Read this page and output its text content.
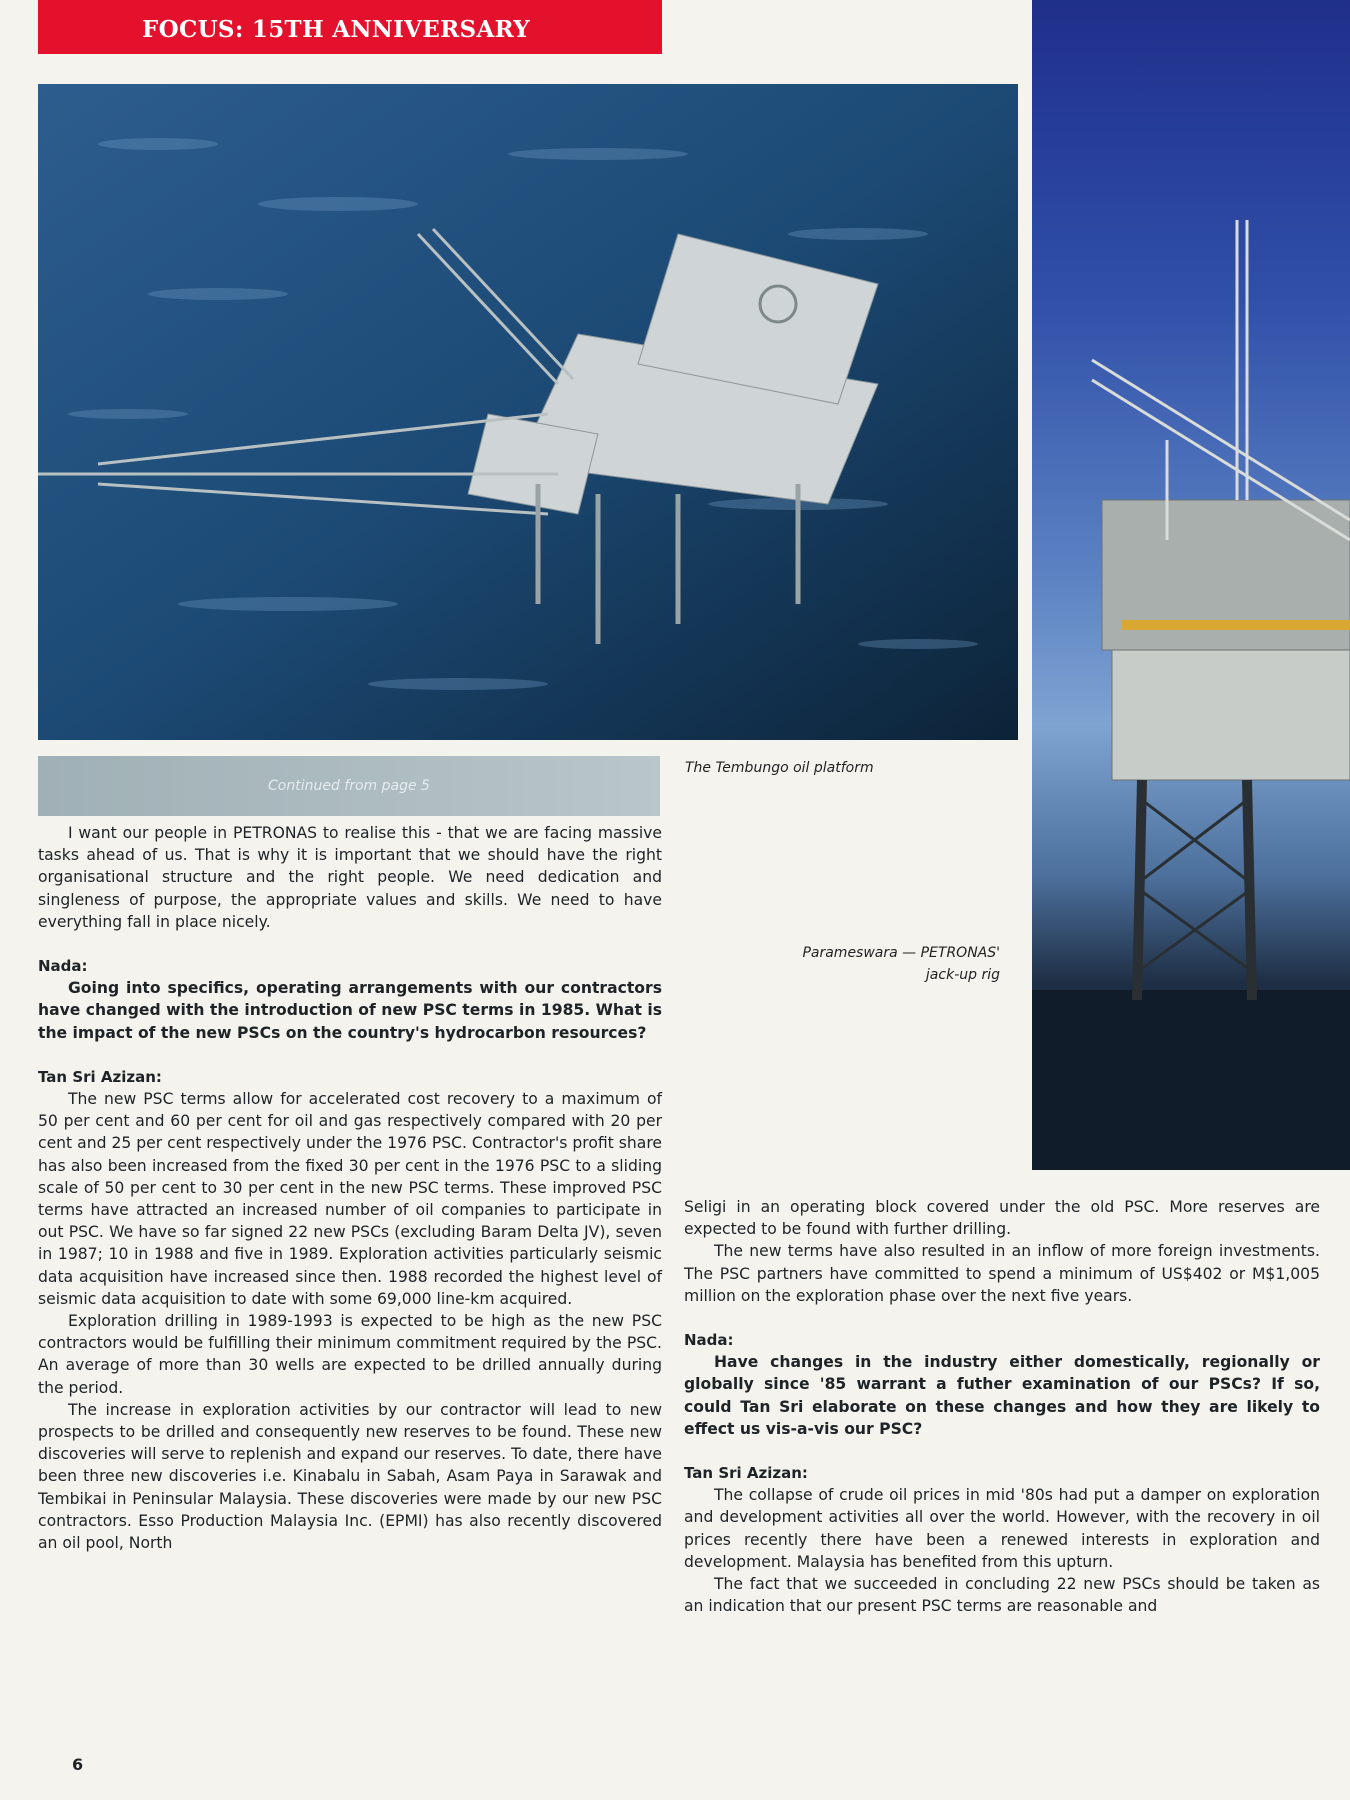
FOCUS: 15TH ANNIVERSARY
The Tembungo oil platform
Parameswara — PETRONAS'
jack-up rig
Continued from page 5

I want our people in PETRONAS to realise this - that we are facing massive tasks ahead of us. That is why it is important that we should have the right organisational structure and the right people. We need dedication and singleness of purpose, the appropriate values and skills. We need to have everything fall in place nicely.

Nada:

Going into specifics, operating arrangements with our contractors have changed with the introduction of new PSC terms in 1985. What is the impact of the new PSCs on the country's hydrocarbon resources?

Tan Sri Azizan:

The new PSC terms allow for accelerated cost recovery to a maximum of 50 per cent and 60 per cent for oil and gas respectively compared with 20 per cent and 25 per cent respectively under the 1976 PSC. Contractor's profit share has also been increased from the fixed 30 per cent in the 1976 PSC to a sliding scale of 50 per cent to 30 per cent in the new PSC terms. These improved PSC terms have attracted an increased number of oil companies to participate in out PSC. We have so far signed 22 new PSCs (excluding Baram Delta JV), seven in 1987; 10 in 1988 and five in 1989. Exploration activities particularly seismic data acquisition have increased since then. 1988 recorded the highest level of seismic data acquisition to date with some 69,000 line-km acquired.

Exploration drilling in 1989-1993 is expected to be high as the new PSC contractors would be fulfilling their minimum commitment required by the PSC. An average of more than 30 wells are expected to be drilled annually during the period.

The increase in exploration activities by our contractor will lead to new prospects to be drilled and consequently new reserves to be found. These new discoveries will serve to replenish and expand our reserves. To date, there have been three new discoveries i.e. Kinabalu in Sabah, Asam Paya in Sarawak and Tembikai in Peninsular Malaysia. These discoveries were made by our new PSC contractors. Esso Production Malaysia Inc. (EPMI) has also recently discovered an oil pool, North

Seligi in an operating block covered under the old PSC. More reserves are expected to be found with further drilling.

The new terms have also resulted in an inflow of more foreign investments. The PSC partners have committed to spend a minimum of US$402 or M$1,005 million on the exploration phase over the next five years.

Nada:

Have changes in the industry either domestically, regionally or globally since '85 warrant a futher examination of our PSCs? If so, could Tan Sri elaborate on these changes and how they are likely to effect us vis-a-vis our PSC?

Tan Sri Azizan:

The collapse of crude oil prices in mid '80s had put a damper on exploration and development activities all over the world. However, with the recovery in oil prices recently there have been a renewed interests in exploration and development. Malaysia has benefited from this upturn.

The fact that we succeeded in concluding 22 new PSCs should be taken as an indication that our present PSC terms are reasonable and

6
